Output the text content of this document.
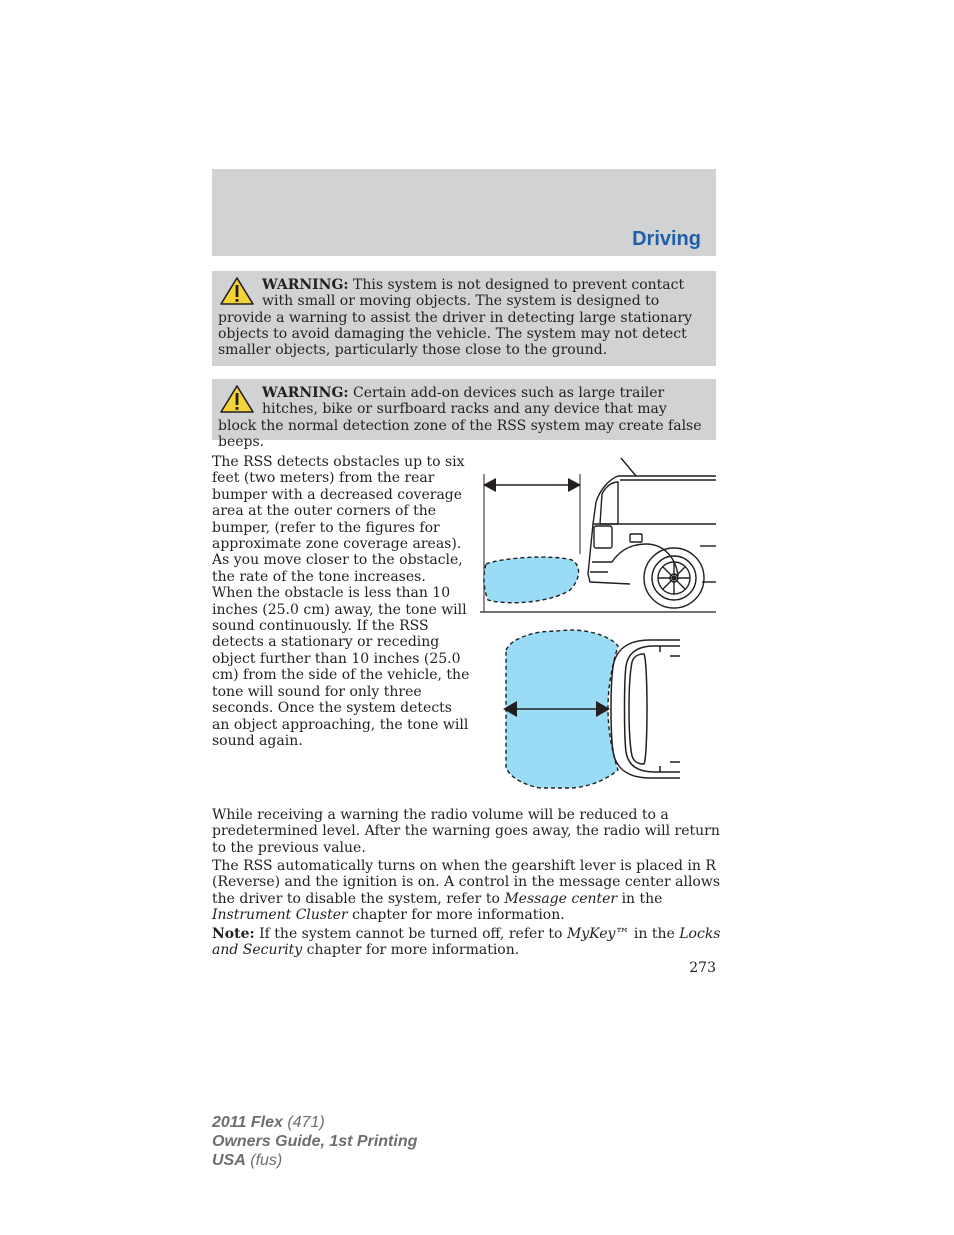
Driving
WARNING: This system is not designed to prevent contact with small or moving objects. The system is designed to provide a warning to assist the driver in detecting large stationary objects to avoid damaging the vehicle. The system may not detect smaller objects, particularly those close to the ground.
WARNING: Certain add-on devices such as large trailer hitches, bike or surfboard racks and any device that may block the normal detection zone of the RSS system may create false beeps.

The RSS detects obstacles up to six feet (two meters) from the rear bumper with a decreased coverage area at the outer corners of the bumper, (refer to the figures for approximate zone coverage areas). As you move closer to the obstacle, the rate of the tone increases. When the obstacle is less than 10 inches (25.0 cm) away, the tone will sound continuously. If the RSS detects a stationary or receding object further than 10 inches (25.0 cm) from the side of the vehicle, the tone will sound for only three seconds. Once the system detects an object approaching, the tone will sound again.

While receiving a warning the radio volume will be reduced to a predetermined level. After the warning goes away, the radio will return to the previous value.

The RSS automatically turns on when the gearshift lever is placed in R (Reverse) and the ignition is on. A control in the message center allows the driver to disable the system, refer to Message center in the Instrument Cluster chapter for more information.

Note: If the system cannot be turned off, refer to MyKey™ in the Locks and Security chapter for more information.

273
2011 Flex (471)
Owners Guide, 1st Printing
USA (fus)
